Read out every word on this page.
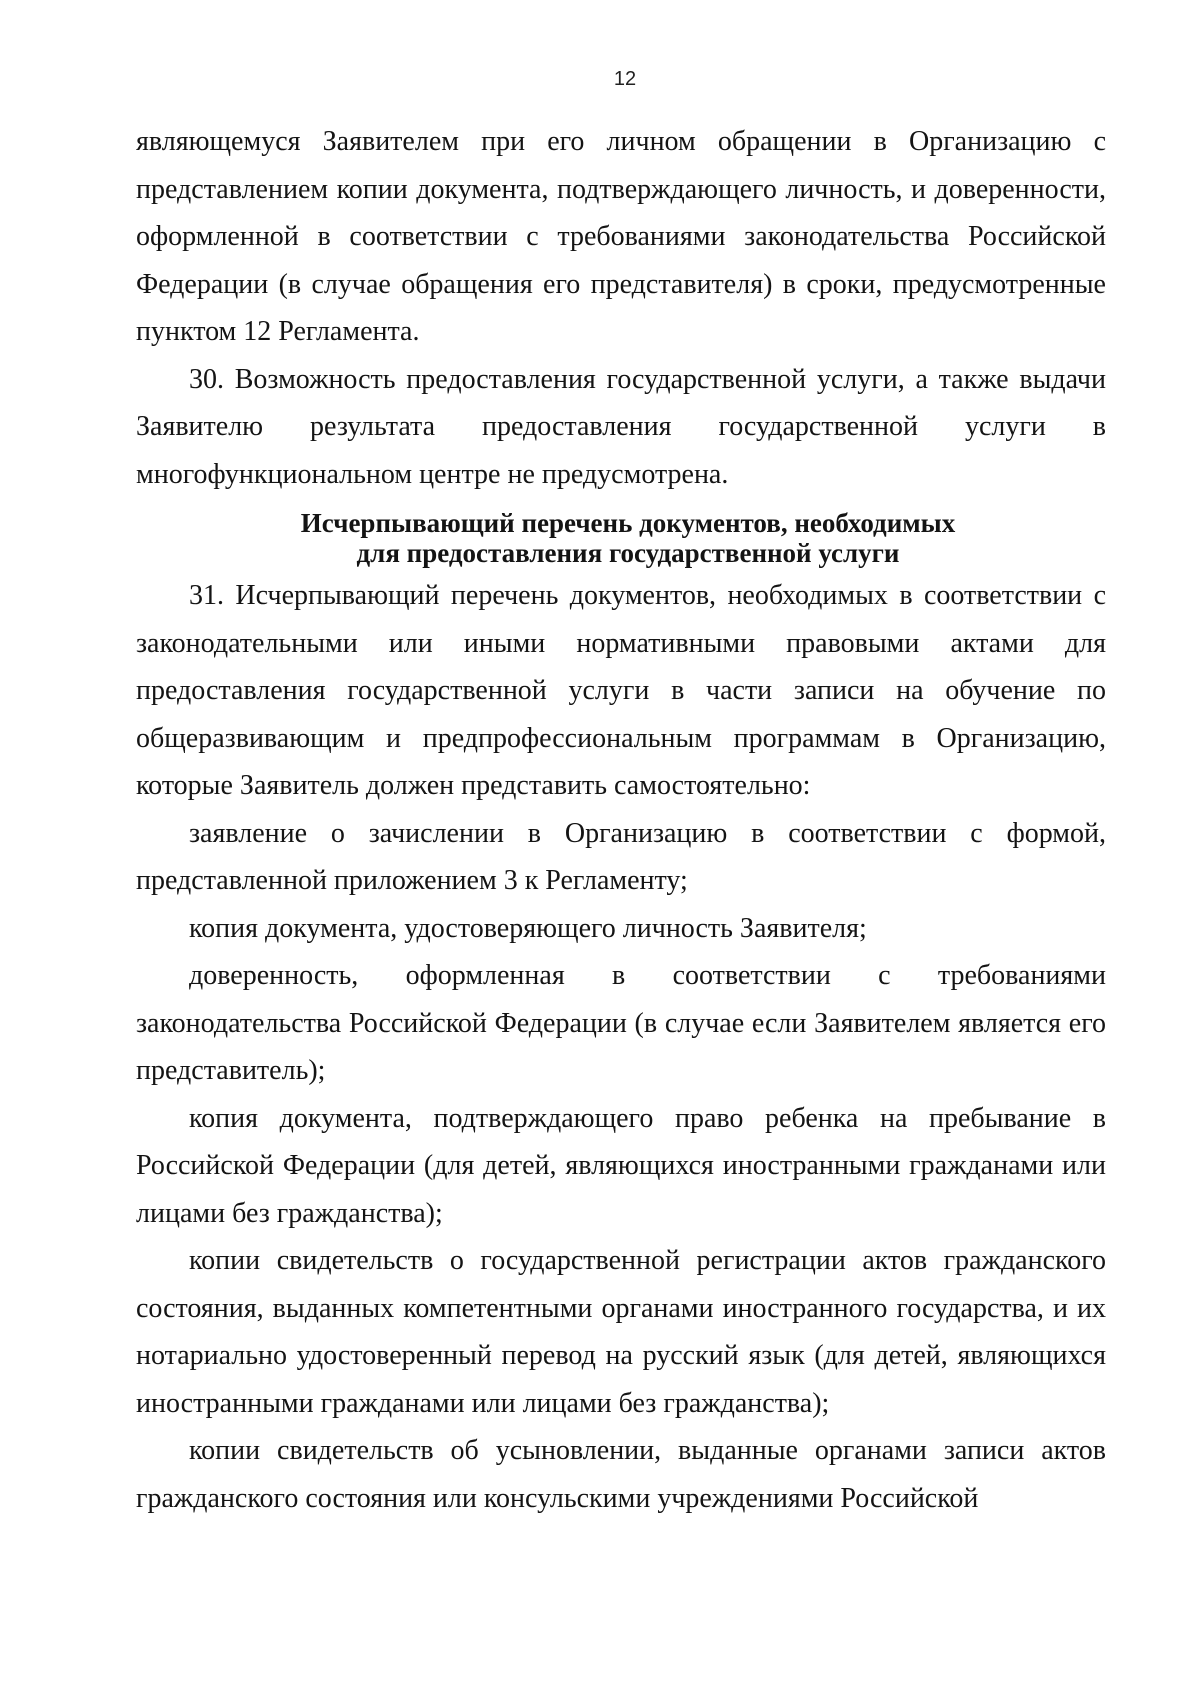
12

являющемуся Заявителем при его личном обращении в Организацию с представлением копии документа, подтверждающего личность, и доверенности, оформленной в соответствии с требованиями законодательства Российской Федерации (в случае обращения его представителя) в сроки, предусмотренные пунктом 12 Регламента.

30. Возможность предоставления государственной услуги, а также выдачи Заявителю результата предоставления государственной услуги в многофункциональном центре не предусмотрена.

Исчерпывающий перечень документов, необходимых
для предоставления государственной услуги

31. Исчерпывающий перечень документов, необходимых в соответствии с законодательными или иными нормативными правовыми актами для предоставления государственной услуги в части записи на обучение по общеразвивающим и предпрофессиональным программам в Организацию, которые Заявитель должен представить самостоятельно:

заявление о зачислении в Организацию в соответствии с формой, представленной приложением 3 к Регламенту;

копия документа, удостоверяющего личность Заявителя;

доверенность, оформленная в соответствии с требованиями законодательства Российской Федерации (в случае если Заявителем является его представитель);

копия документа, подтверждающего право ребенка на пребывание в Российской Федерации (для детей, являющихся иностранными гражданами или лицами без гражданства);

копии свидетельств о государственной регистрации актов гражданского состояния, выданных компетентными органами иностранного государства, и их нотариально удостоверенный перевод на русский язык (для детей, являющихся иностранными гражданами или лицами без гражданства);

копии свидетельств об усыновлении, выданные органами записи актов гражданского состояния или консульскими учреждениями Российской
